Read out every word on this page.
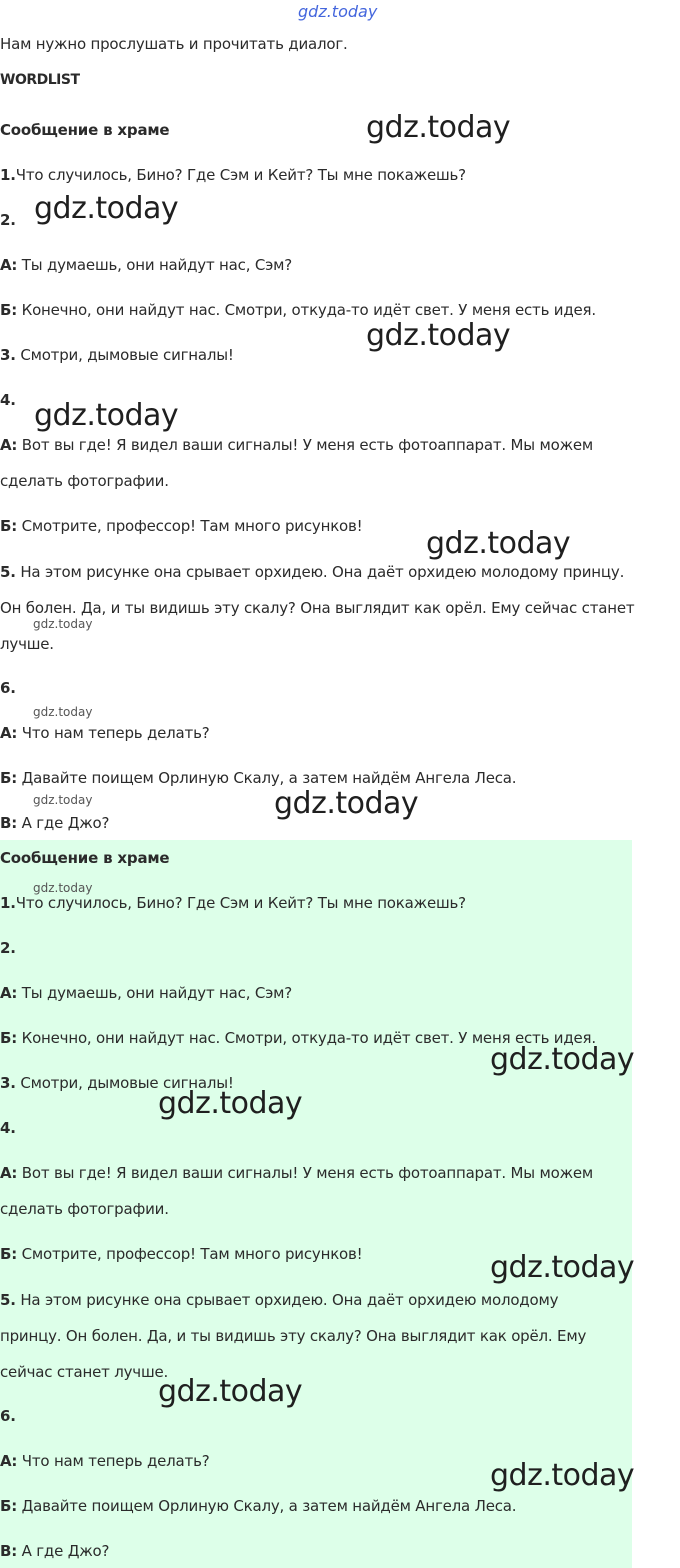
gdz.today
Нам нужно прослушать и прочитать диалог.
WORDLIST
Сообщение в храме
1.Что случилось, Бино? Где Сэм и Кейт? Ты мне покажешь?
2.
А: Ты думаешь, они найдут нас, Сэм?
Б: Конечно, они найдут нас. Смотри, откуда-то идёт свет. У меня есть идея.
3. Смотри, дымовые сигналы!
4.
А: Вот вы где! Я видел ваши сигналы! У меня есть фотоаппарат. Мы можем
сделать фотографии.
Б: Смотрите, профессор! Там много рисунков!
5. На этом рисунке она срывает орхидею. Она даёт орхидею молодому принцу.
Он болен. Да, и ты видишь эту скалу? Она выглядит как орёл. Ему сейчас станет
лучше.
6.
А: Что нам теперь делать?
Б: Давайте поищем Орлиную Скалу, а затем найдём Ангела Леса.
В: А где Джо?
Сообщение в храме
1.Что случилось, Бино? Где Сэм и Кейт? Ты мне покажешь?
2.
А: Ты думаешь, они найдут нас, Сэм?
Б: Конечно, они найдут нас. Смотри, откуда-то идёт свет. У меня есть идея.
3. Смотри, дымовые сигналы!
4.
А: Вот вы где! Я видел ваши сигналы! У меня есть фотоаппарат. Мы можем
сделать фотографии.
Б: Смотрите, профессор! Там много рисунков!
5. На этом рисунке она срывает орхидею. Она даёт орхидею молодому
принцу. Он болен. Да, и ты видишь эту скалу? Она выглядит как орёл. Ему
сейчас станет лучше.
6.
А: Что нам теперь делать?
Б: Давайте поищем Орлиную Скалу, а затем найдём Ангела Леса.
В: А где Джо?
gdz.today
gdz.today
gdz.today
gdz.today
gdz.today
gdz.today
gdz.today
gdz.today	gdz.today
gdz.today
gdz.today
gdz.today
gdz.today
gdz.today
gdz.today
